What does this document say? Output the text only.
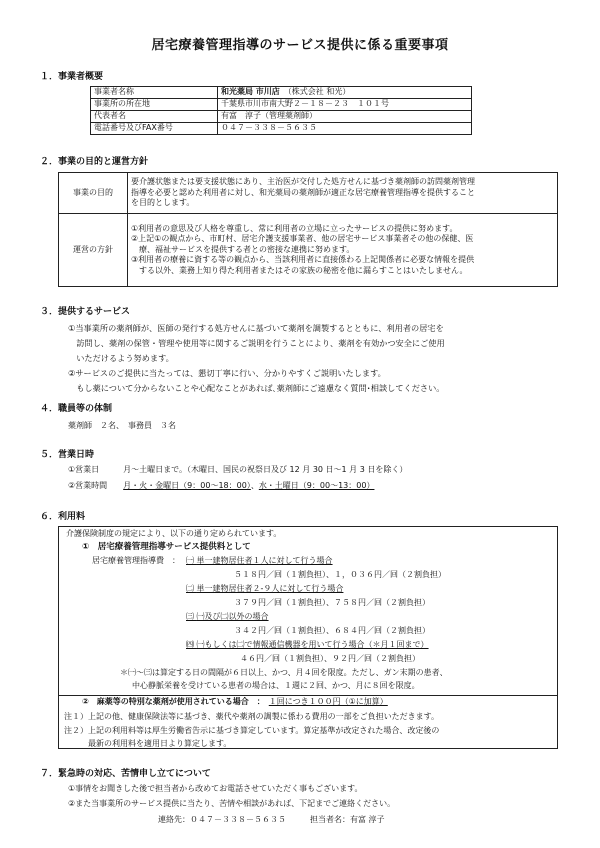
居宅療養管理指導のサービス提供に係る重要事項
１．事業者概要
事業者名称	和光薬局 市川店　 （株式会社 和光）
事業所の所在地	千葉県市川市南大野２－１８－２３　１０１号
代表者名	有富　淳子（管理薬剤師）
電話番号及びFAX番号	０４７－３３８－５６３５
２．事業の目的と運営方針
事業の目的	要介護状態または要支援状態にあり、主治医が交付した処方せんに基づき薬剤師の訪問薬剤管理
指導を必要と認めた利用者に対し、和光薬局の薬剤師が適正な居宅療養管理指導を提供すること
を目的とします。

運営の方針	①利用者の意思及び人格を尊重し、常に利用者の立場に立ったサービスの提供に努めます。
②上記①の観点から、市町村、居宅介護支援事業者、他の居宅サービス事業者その他の保健、医
　療、福祉サービスを提供する者との密接な連携に努めます。
③利用者の療養に資する等の観点から、当該利用者に直接係わる上記関係者に必要な情報を提供
　する以外、業務上知り得た利用者またはその家族の秘密を他に漏らすことはいたしません。
３．提供するサービス
①当事業所の薬剤師が、医師の発行する処方せんに基づいて薬剤を調製するとともに、利用者の居宅を
　訪問し、薬剤の保管・管理や使用等に関するご説明を行うことにより、薬剤を有効かつ安全にご使用
　いただけるよう努めます。
②サービスのご提供に当たっては、懇切丁寧に行い、分かりやすくご説明いたします。
　もし薬について分からないことや心配なことがあれば､薬剤師にご遠慮なく質問･相談してください。
４．職員等の体制
薬剤師　２名、　事務員　３名
５．営業日時
①営業日　　　	月～土曜日まで。（木曜日、国民の祝祭日及び 12 月 30 日～1 月 3 日を除く）
②営業時間　　 月・火・金曜日（9：00～18：00）、水・土曜日（9：00～13：00）
６．利用料
介護保険制度の規定により、以下の通り定められています。
①　居宅療養管理指導サービス提供料として
居宅療養管理指導費　： ㈠ 単一建物居住者１人に対して行う場合
５１８円／回（１割負担）、１，０３６円／回（２割負担）
㈡ 単一建物居住者２-９人に対して行う場合
３７９円／回（１割負担）、７５８円／回（２割負担）
㈢ ㈠及び㈡以外の場合
３４２円／回（１割負担）、６８４円／回（２割負担）
㈣ ㈠もしくは㈡で情報通信機器を用いて行う場合（＊月１回まで）
４６円／回（１割負担）、９２円／回（２割負担）
＊㈠～㈢は算定する日の間隔が６日以上、かつ、月４回を限度。ただし、ガン末期の患者、
中心静脈栄養を受けている患者の場合は、１週に２回、かつ、月に８回を限度。
②　麻薬等の特別な薬剤が使用されている場合　：　 １回につき１００円（①に加算）
注１）上記の他、健康保険法等に基づき、薬代や薬剤の調製に係わる費用の一部をご負担いただきます。
注２）上記の利用料等は厚生労働省告示に基づき算定しています。算定基準が改定された場合、改定後の
　　　最新の利用料を適用日より算定します。
７．緊急時の対応、苦情申し立てについて
①事情をお聞きした後で担当者から改めてお電話させていただく事もございます。
②また当事業所のサービス提供に当たり、苦情や相談があれば、下記までご連絡ください。
連絡先：０４７－３３８－５６３５　　　担当者名：有富 淳子
